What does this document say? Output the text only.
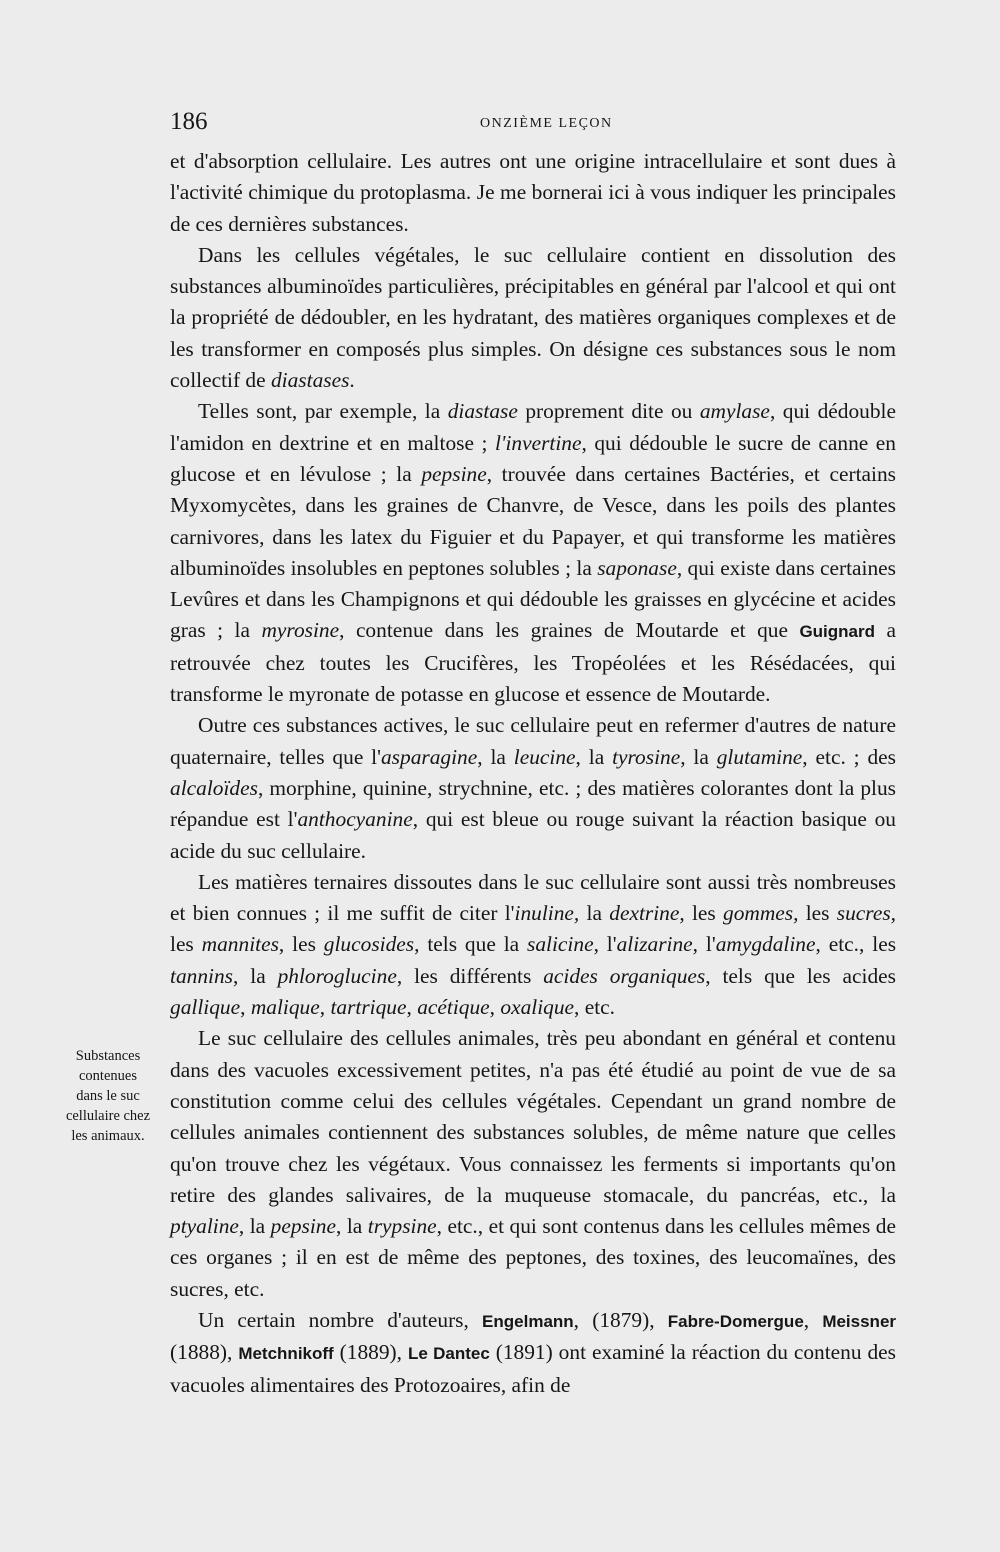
186	ONZIÈME LEÇON
Substances
contenues
dans le suc
cellulaire chez
les animaux.

et d'absorption cellulaire. Les autres ont une origine intracellulaire et sont dues à l'activité chimique du protoplasma. Je me bornerai ici à vous indiquer les principales de ces dernières substances.

Dans les cellules végétales, le suc cellulaire contient en dissolution des substances albuminoïdes particulières, précipitables en général par l'alcool et qui ont la propriété de dédoubler, en les hydratant, des matières organiques complexes et de les transformer en composés plus simples. On désigne ces substances sous le nom collectif de diastases.

Telles sont, par exemple, la diastase proprement dite ou amylase, qui dédouble l'amidon en dextrine et en maltose ; l'invertine, qui dédouble le sucre de canne en glucose et en lévulose ; la pepsine, trouvée dans certaines Bactéries, et certains Myxomycètes, dans les graines de Chanvre, de Vesce, dans les poils des plantes carnivores, dans les latex du Figuier et du Papayer, et qui transforme les matières albuminoïdes insolubles en peptones solubles ; la saponase, qui existe dans certaines Levûres et dans les Champignons et qui dédouble les graisses en glycécine et acides gras ; la myrosine, contenue dans les graines de Moutarde et que Guignard a retrouvée chez toutes les Crucifères, les Tropéolées et les Résédacées, qui transforme le myronate de potasse en glucose et essence de Moutarde.

Outre ces substances actives, le suc cellulaire peut en refermer d'autres de nature quaternaire, telles que l'asparagine, la leucine, la tyrosine, la glutamine, etc. ; des alcaloïdes, morphine, quinine, strychnine, etc. ; des matières colorantes dont la plus répandue est l'anthocyanine, qui est bleue ou rouge suivant la réaction basique ou acide du suc cellulaire.

Les matières ternaires dissoutes dans le suc cellulaire sont aussi très nombreuses et bien connues ; il me suffit de citer l'inuline, la dextrine, les gommes, les sucres, les mannites, les glucosides, tels que la salicine, l'alizarine, l'amygdaline, etc., les tannins, la phloroglucine, les différents acides organiques, tels que les acides gallique, malique, tartrique, acétique, oxalique, etc.

Le suc cellulaire des cellules animales, très peu abondant en général et contenu dans des vacuoles excessivement petites, n'a pas été étudié au point de vue de sa constitution comme celui des cellules végétales. Cependant un grand nombre de cellules animales contiennent des substances solubles, de même nature que celles qu'on trouve chez les végétaux. Vous connaissez les ferments si importants qu'on retire des glandes salivaires, de la muqueuse stomacale, du pancréas, etc., la ptyaline, la pepsine, la trypsine, etc., et qui sont contenus dans les cellules mêmes de ces organes ; il en est de même des peptones, des toxines, des leucomaïnes, des sucres, etc.

Un certain nombre d'auteurs, Engelmann, (1879), Fabre-Domergue, Meissner (1888), Metchnikoff (1889), Le Dantec (1891) ont examiné la réaction du contenu des vacuoles alimentaires des Protozoaires, afin de
